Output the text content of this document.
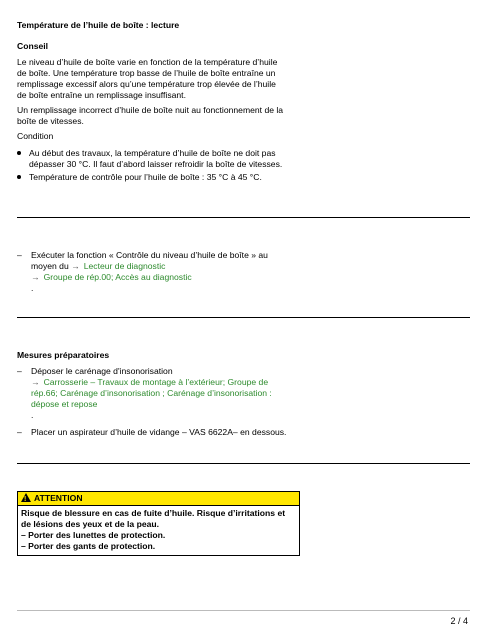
Température de l’huile de boîte : lecture
Conseil
Le niveau d’huile de boîte varie en fonction de la température d’huile de boîte. Une température trop basse de l’huile de boîte entraîne un remplissage excessif alors qu’une température trop élevée de l’huile de boîte entraîne un remplissage insuffisant.
Un remplissage incorrect d’huile de boîte nuit au fonctionnement de la boîte de vitesses.
Condition
Au début des travaux, la température d’huile de boîte ne doit pas dépasser 30 °C. Il faut d’abord laisser refroidir la boîte de vitesses.
Température de contrôle pour l’huile de boîte : 35 °C à 45 °C.
– Exécuter la fonction « Contrôle du niveau d’huile de boîte » au moyen du → Lecteur de diagnostic
→ Groupe de rép.00; Accès au diagnostic
.
Mesures préparatoires
– Déposer le carénage d'insonorisation
→ Carrosserie – Travaux de montage à l’extérieur; Groupe de rép.66; Carénage d’insonorisation ; Carénage d’insonorisation : dépose et repose
.
– Placer un aspirateur d’huile de vidange – VAS 6622A– en dessous.
!
ATTENTION
Risque de blessure en cas de fuite d’huile. Risque d’irritations et de lésions des yeux et de la peau.
– Porter des lunettes de protection.
– Porter des gants de protection.
2 / 4
